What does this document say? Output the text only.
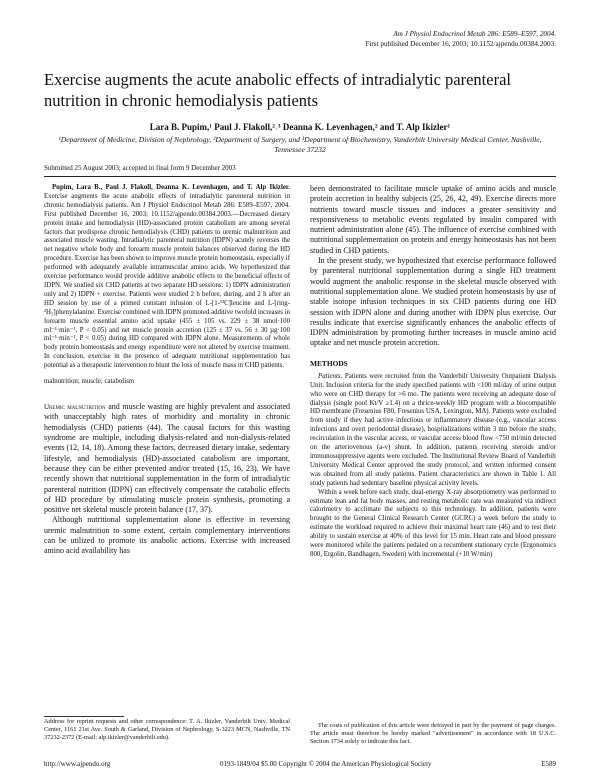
Am J Physiol Endocrinol Metab 286: E589–E597, 2004.
First published December 16, 2003; 10.1152/ajpendo.00384.2003.
Exercise augments the acute anabolic effects of intradialytic parenteral nutrition in chronic hemodialysis patients
Lara B. Pupim,¹ Paul J. Flakoll,²˒³ Deanna K. Levenhagen,² and T. Alp Ikizler¹
¹Department of Medicine, Division of Nephrology, ²Department of Surgery, and ³Department of Biochemistry, Vanderbilt University Medical Center, Nashville, Tennessee 37232
Submitted 25 August 2003; accepted in final form 9 December 2003

Pupim, Lara B., Paul J. Flakoll, Deanna K. Levenhagen, and T. Alp Ikizler. Exercise augments the acute anabolic effects of intradialytic parenteral nutrition in chronic hemodialysis patients. Am J Physiol Endocrinol Metab 286: E589–E597, 2004. First published December 16, 2003; 10.1152/ajpendo.00384.2003.—Decreased dietary protein intake and hemodialysis (HD)-associated protein catabolism are among several factors that predispose chronic hemodialysis (CHD) patients to uremic malnutrition and associated muscle wasting. Intradialytic parenteral nutrition (IDPN) acutely reverses the net negative whole body and forearm muscle protein balances observed during the HD procedure. Exercise has been shown to improve muscle protein homeostasis, especially if performed with adequately available intramuscular amino acids. We hypothesized that exercise performance would provide additive anabolic effects to the beneficial effects of IDPN. We studied six CHD patients at two separate HD sessions: 1) IDPN administration only and 2) IDPN + exercise. Patients were studied 2 h before, during, and 2 h after an HD session by use of a primed constant infusion of L-[1-¹³C]leucine and L-[ring-²H₅]phenylalanine. Exercise combined with IDPN promoted additive twofold increases in forearm muscle essential amino acid uptake (455 ± 105 vs. 229 ± 38 nmol·100 ml⁻¹·min⁻¹, P < 0.05) and net muscle protein accretion (125 ± 37 vs. 56 ± 30 µg·100 ml⁻¹·min⁻¹, P < 0.05) during HD compared with IDPN alone. Measurements of whole body protein homeostasis and energy expenditure were not altered by exercise treatment. In conclusion, exercise in the presence of adequate nutritional supplementation has potential as a therapeutic intervention to blunt the loss of muscle mass in CHD patients.

malnutrition; muscle; catabolism

Uremic malnutrition and muscle wasting are highly prevalent and associated with unacceptably high rates of morbidity and mortality in chronic hemodialysis (CHD) patients (44). The causal factors for this wasting syndrome are multiple, including dialysis-related and non-dialysis-related events (12, 14, 18). Among these factors, decreased dietary intake, sedentary lifestyle, and hemodialysis (HD)-associated catabolism are important, because they can be either prevented and/or treated (15, 16, 23). We have recently shown that nutritional supplementation in the form of intradialytic parenteral nutrition (IDPN) can effectively compensate the catabolic effects of HD procedure by stimulating muscle protein synthesis, promoting a positive net skeletal muscle protein balance (17, 37).

Although nutritional supplementation alone is effective in reversing uremic malnutrition to some extent, certain complementary interventions can be utilized to promote its anabolic actions. Exercise with increased amino acid availability has

been demonstrated to facilitate muscle uptake of amino acids and muscle protein accretion in healthy subjects (25, 26, 42, 49). Exercise directs more nutrients toward muscle tissues and induces a greater sensitivity and responsiveness to metabolic events regulated by insulin compared with nutrient administration alone (45). The influence of exercise combined with nutritional supplementation on protein and energy homeostasis has not been studied in CHD patients.

In the present study, we hypothesized that exercise performance followed by parenteral nutritional supplementation during a single HD treatment would augment the anabolic response in the skeletal muscle observed with nutritional supplementation alone. We studied protein homeostasis by use of stable isotope infusion techniques in six CHD patients during one HD session with IDPN alone and during another with IDPN plus exercise. Our results indicate that exercise significantly enhances the anabolic effects of IDPN administration by promoting further increases in muscle amino acid uptake and net muscle protein accretion.

METHODS

Patients. Patients were recruited from the Vanderbilt University Outpatient Dialysis Unit. Inclusion criteria for the study specified patients with <100 ml/day of urine output who were on CHD therapy for >6 mo. The patients were receiving an adequate dose of dialysis (single pool Kt/V ≥1.4) on a thrice-weekly HD program with a biocompatible HD membrane (Fresenius F80, Fresenius USA, Lexington, MA). Patients were excluded from study if they had active infectious or inflammatory disease (e.g., vascular access infections and overt periodontal disease), hospitalizations within 3 mo before the study, recirculation in the vascular access, or vascular access blood flow <750 ml/min detected on the arteriovenous (a-v) shunt. In addition, patients receiving steroids and/or immunosuppressive agents were excluded. The Institutional Review Board of Vanderbilt University Medical Center approved the study protocol, and written informed consent was obtained from all study patients. Patient characteristics are shown in Table 1. All study patients had sedentary baseline physical activity levels.

Within a week before each study, dual-energy X-ray absorptiometry was performed to estimate lean and fat body masses, and resting metabolic rate was measured via indirect calorimetry to acclimate the subjects to this technology. In addition, patients were brought to the General Clinical Research Center (GCRC) a week before the study to estimate the workload required to achieve their maximal heart rate (46) and to test their ability to sustain exercise at 40% of this level for 15 min. Heart rate and blood pressure were monitored while the patients pedaled on a recumbent stationary cycle (Ergonomics 800, Ergolin, Bandhagen, Sweden) with incremental (+10 W/min)

Address for reprint requests and other correspondence: T. A. Ikizler, Vanderbilt Univ. Medical Center, 1161 21st Ave. South & Garland, Division of Nephrology, S-3223 MCN, Nashville, TN 37232-2372 (E-mail: alp.ikizler@vanderbilt.edu).

The costs of publication of this article were defrayed in part by the payment of page charges. The article must therefore be hereby marked "advertisement" in accordance with 18 U.S.C. Section 1734 solely to indicate this fact.

http://www.ajpendo.org	0193-1849/04 $5.00 Copyright © 2004 the American Physiological Society	E589
